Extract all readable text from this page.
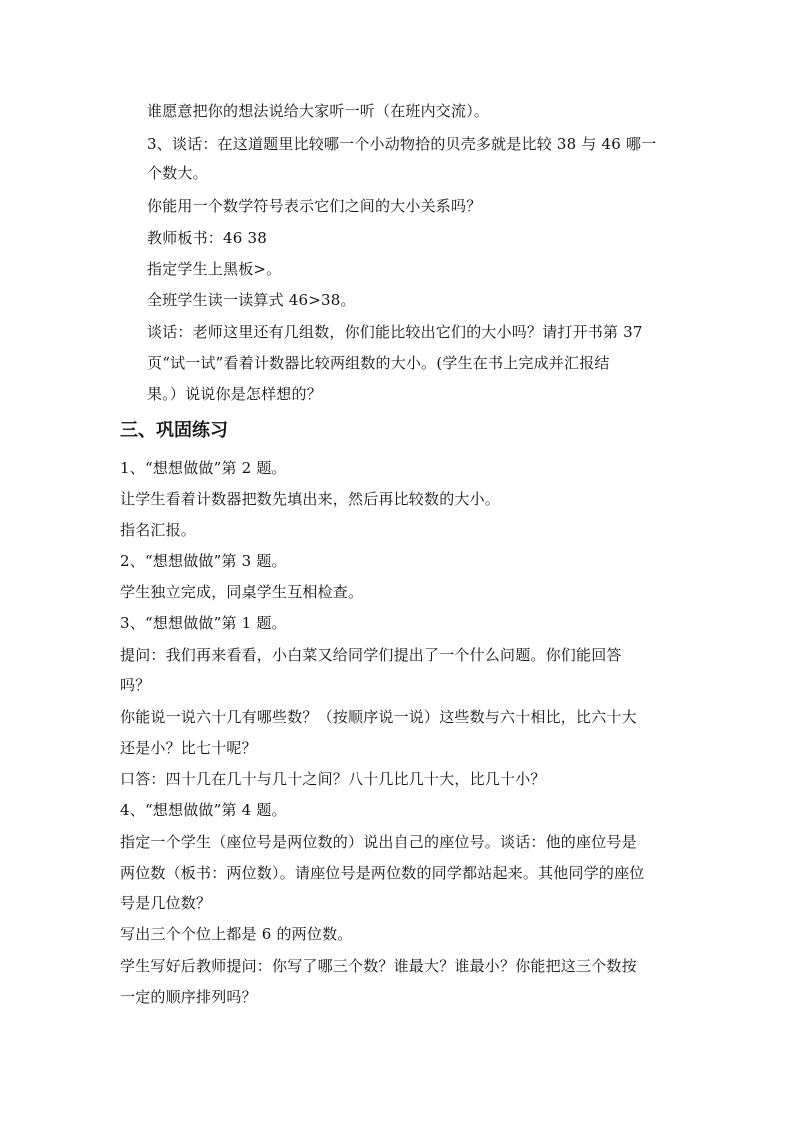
谁愿意把你的想法说给大家听一听（在班内交流）。

3、谈话：在这道题里比较哪一个小动物拾的贝壳多就是比较 38 与 46 哪一

个数大。

你能用一个数学符号表示它们之间的大小关系吗？

教师板书：46 38

指定学生上黑板>。

全班学生读一读算式 46>38。

谈话：老师这里还有几组数，你们能比较出它们的大小吗？请打开书第 37

页“试一试”看着计数器比较两组数的大小。(学生在书上完成并汇报结

果。）说说你是怎样想的？

三、巩固练习

1、“想想做做”第 2 题。

让学生看着计数器把数先填出来，然后再比较数的大小。

指名汇报。

2、“想想做做”第 3 题。

学生独立完成，同桌学生互相检查。

3、“想想做做”第 1 题。

提问：我们再来看看，小白菜又给同学们提出了一个什么问题。你们能回答

吗？

你能说一说六十几有哪些数？（按顺序说一说）这些数与六十相比，比六十大

还是小？比七十呢？

口答：四十几在几十与几十之间？八十几比几十大，比几十小？

4、“想想做做”第 4 题。

指定一个学生（座位号是两位数的）说出自己的座位号。谈话：他的座位号是

两位数（板书：两位数）。请座位号是两位数的同学都站起来。其他同学的座位

号是几位数？

写出三个个位上都是 6 的两位数。

学生写好后教师提问：你写了哪三个数？谁最大？谁最小？你能把这三个数按

一定的顺序排列吗？
